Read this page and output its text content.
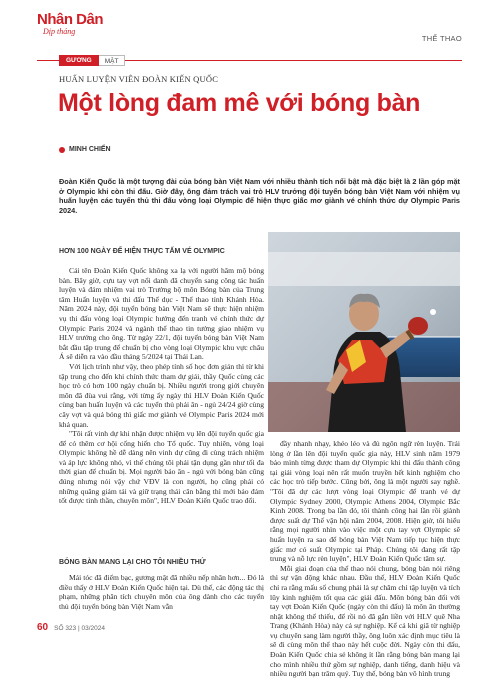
Nhân Dân
Dịp tháng
THỂ THAO
GƯƠNG	MẶT
HUẤN LUYỆN VIÊN ĐOÀN KIẾN QUỐC
Một lòng đam mê với bóng bàn
MINH CHIẾN
Đoàn Kiến Quốc là một tượng đài của bóng bàn Việt Nam với nhiều thành tích nổi bật mà đặc biệt là 2 lần góp mặt ở Olympic khi còn thi đấu. Giờ đây, ông đảm trách vai trò HLV trưởng đội tuyển bóng bàn Việt Nam với nhiệm vụ huấn luyện các tuyển thủ thi đấu vòng loại Olympic để hiện thực giấc mơ giành vé chính thức dự Olympic Paris 2024.
HƠN 100 NGÀY ĐỂ HIỆN THỰC TẤM VÉ OLYMPIC

Cái tên Đoàn Kiến Quốc không xa lạ với người hâm mộ bóng bàn. Bây giờ, cựu tay vợt nổi danh đã chuyển sang công tác huấn luyện và đảm nhiệm vai trò Trưởng bộ môn Bóng bàn của Trung tâm Huấn luyện và thi đấu Thể dục - Thể thao tỉnh Khánh Hòa. Năm 2024 này, đội tuyển bóng bàn Việt Nam sẽ thực hiện nhiệm vụ thi đấu vòng loại Olympic hướng đến tranh vé chính thức dự Olympic Paris 2024 và ngành thể thao tin tưởng giao nhiệm vụ HLV trưởng cho ông. Từ ngày 22/1, đội tuyển bóng bàn Việt Nam bắt đầu tập trung để chuẩn bị cho vòng loại Olympic khu vực châu Á sẽ diễn ra vào đầu tháng 5/2024 tại Thái Lan.

Với lịch trình như vậy, theo phép tính số học đơn giản thì từ khi tập trung cho đến khi chính thức tham dự giải, thầy Quốc cùng các học trò có hơn 100 ngày chuẩn bị. Nhiều người trong giới chuyên môn đã đùa vui rằng, với từng ấy ngày thì HLV Đoàn Kiến Quốc cùng ban huấn luyện và các tuyển thủ phải ăn - ngủ 24/24 giờ cùng cây vợt và quả bóng thì giấc mơ giành vé Olympic Paris 2024 mới khả quan.

"Tôi rất vinh dự khi nhận được nhiệm vụ lên đội tuyển quốc gia để có thêm cơ hội cống hiến cho Tổ quốc. Tuy nhiên, vòng loại Olympic không hề dễ dàng nên vinh dự cũng đi cùng trách nhiệm và áp lực không nhỏ, vì thế chúng tôi phải tận dụng gần như tối đa thời gian để chuẩn bị. Mọi người bảo ăn - ngủ với bóng bàn cũng đúng nhưng nói vậy chứ VĐV là con người, họ cũng phải có những quãng giảm tải và giữ trạng thái cân bằng thì mới bảo đảm tốt được tinh thần, chuyên môn", HLV Đoàn Kiến Quốc trao đổi.

BÓNG BÀN MANG LẠI CHO TÔI NHIỀU THỨ

Mái tóc đã điểm bạc, gương mặt đã nhiều nếp nhăn hơn... Đó là điều thấy ở HLV Đoàn Kiến Quốc hiện tại. Dù thế, các động tác thị phạm, những phân tích chuyên môn của ông dành cho các tuyển thủ đội tuyển bóng bàn Việt Nam vẫn

đầy nhanh nhạy, khéo léo và đủ ngôn ngữ rèn luyện. Trải lòng ở lần lên đội tuyển quốc gia này, HLV sinh năm 1979 bảo mình từng được tham dự Olympic khi thi đấu thành công tại giải vòng loại nên rất muốn truyền hết kinh nghiệm cho các học trò tiếp bước. Cũng bởi, ông là một người say nghề. "Tôi đã dự các lượt vòng loại Olympic để tranh vé dự Olympic Sydney 2000, Olympic Athens 2004, Olympic Bắc Kinh 2008. Trong ba lần đó, tôi thành công hai lần rồi giành được suất dự Thế vận hội năm 2004, 2008. Hiện giờ, tôi hiểu rằng mọi người nhìn vào việc một cựu tay vợt Olympic sẽ huấn luyện ra sao để bóng bàn Việt Nam tiếp tục hiện thực giấc mơ có suất Olympic tại Pháp. Chúng tôi đang rất tập trung và nỗ lực rèn luyện", HLV Đoàn Kiến Quốc tâm sự.

Mỗi giai đoạn của thể thao nói chung, bóng bàn nói riêng thì sự vận động khác nhau. Đầu thế, HLV Đoàn Kiến Quốc chỉ ra rằng mấu số chung phải là sự chăm chỉ tập luyện và tích lũy kinh nghiệm tốt qua các giải đấu. Môn bóng bàn đối với tay vợt Đoàn Kiến Quốc (ngày còn thi đấu) là môn ăn thường nhật không thể thiếu, để rồi nó đã gắn liền với HLV quê Nha Trang (Khánh Hòa) này cả sự nghiệp. Kể cả khi giã từ nghiệp vụ chuyên sang làm người thầy, ông luôn xác định mục tiêu là sẽ đi cùng môn thể thao này hết cuộc đời. Ngày còn thi đấu, Đoàn Kiến Quốc chia sẻ không ít lần rằng bóng bàn mang lại cho mình nhiều thứ gồm sự nghiệp, danh tiếng, danh hiệu và nhiều người bạn trăm quý. Tuy thế, bóng bàn vô hình trung

60 SỐ 323 | 03/2024
